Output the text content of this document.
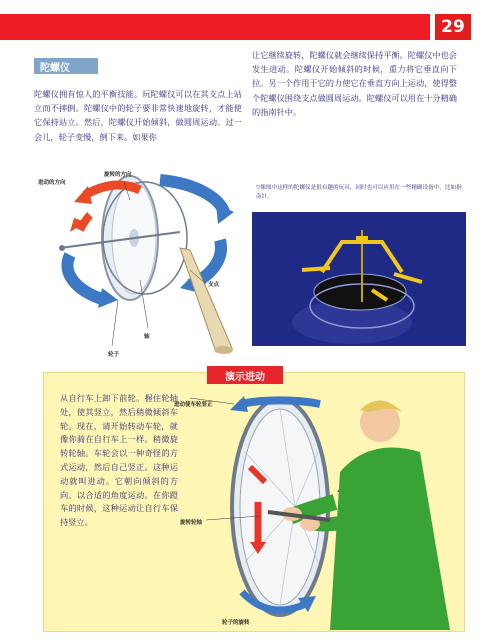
29
陀螺仪
陀螺仪拥有惊人的平衡技能。玩陀螺仪可以在其支点上站立而不摔倒。陀螺仪中的轮子要非常快速地旋转，才能使它保持站立。然后，陀螺仪开始倾斜，做圆周运动。过一会儿，轮子变慢，倒下来。如果你
让它继续旋转，陀螺仪就会继续保持平衡。陀螺仪中也会发生进动。陀螺仪开始倾斜的时候，重力将它垂直向下拉。另一个作用于它的力使它在垂直方向上运动，使得整个陀螺仪围绕支点做圆周运动。陀螺仪可以用在十分精确的指南针中。
进动的方向
旋转的方向
支点
轴
轮子
▽像图中这样的陀螺仪是很有趣的玩具，同时也可以应用在一些精确设备中，比如指南针。
演示进动
从自行车上卸下前轮。握住轮轴处，使其竖立，然后稍微倾斜车轮。现在，请开始转动车轮，就像你骑在自行车上一样。稍微旋转轮轴。车轮会以一种奇怪的方式运动，然后自己竖正。这种运动就叫进动。它朝向倾斜的方向、以合适的角度运动。在你蹬车的时候，这种运动让自行车保持竖立。
进动使车轮竖正
旋转轮轴
轮子的旋转
